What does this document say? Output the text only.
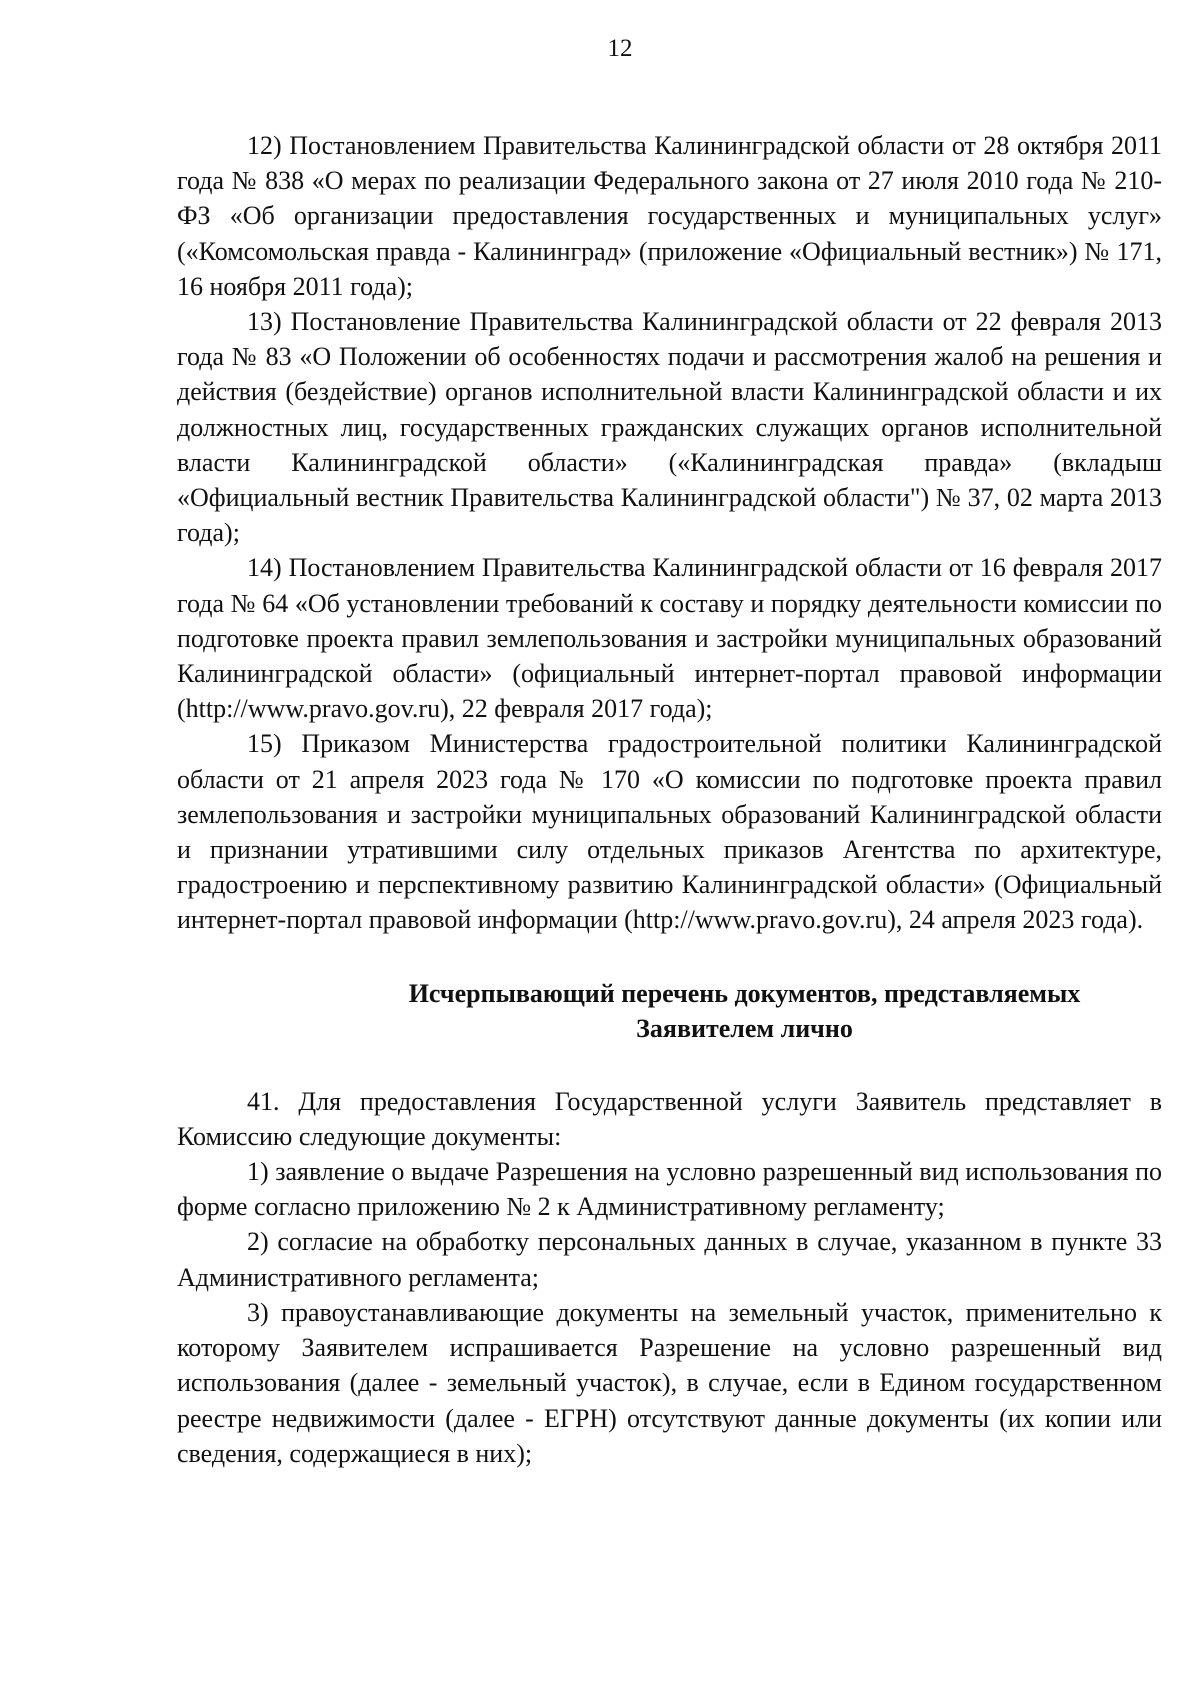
12

12) Постановлением Правительства Калининградской области от 28 октября 2011 года № 838 «О мерах по реализации Федерального закона от 27 июля 2010 года № 210-ФЗ «Об организации предоставления государственных и муниципальных услуг» («Комсомольская правда - Калининград» (приложение «Официальный вестник») № 171, 16 ноября 2011 года);

13) Постановление Правительства Калининградской области от 22 февраля 2013 года № 83 «О Положении об особенностях подачи и рассмотрения жалоб на решения и действия (бездействие) органов исполнительной власти Калининградской области и их должностных лиц, государственных гражданских служащих органов исполнительной власти Калининградской области» («Калининградская правда» (вкладыш «Официальный вестник Правительства Калининградской области") № 37, 02 марта 2013 года);

14) Постановлением Правительства Калининградской области от 16 февраля 2017 года № 64 «Об установлении требований к составу и порядку деятельности комиссии по подготовке проекта правил землепользования и застройки муниципальных образований Калининградской области» (официальный интернет-портал правовой информации (http://www.pravo.gov.ru), 22 февраля 2017 года);

15) Приказом Министерства градостроительной политики Калининградской области от 21 апреля 2023 года № 170 «О комиссии по подготовке проекта правил землепользования и застройки муниципальных образований Калининградской области и признании утратившими силу отдельных приказов Агентства по архитектуре, градостроению и перспективному развитию Калининградской области» (Официальный интернет-портал правовой информации (http://www.pravo.gov.ru), 24 апреля 2023 года).

Исчерпывающий перечень документов, представляемых
Заявителем лично

41. Для предоставления Государственной услуги Заявитель представляет в Комиссию следующие документы:

1) заявление о выдаче Разрешения на условно разрешенный вид использования по форме согласно приложению № 2 к Административному регламенту;

2) согласие на обработку персональных данных в случае, указанном в пункте 33 Административного регламента;

3) правоустанавливающие документы на земельный участок, применительно к которому Заявителем испрашивается Разрешение на условно разрешенный вид использования (далее - земельный участок), в случае, если в Едином государственном реестре недвижимости (далее - ЕГРН) отсутствуют данные документы (их копии или сведения, содержащиеся в них);
